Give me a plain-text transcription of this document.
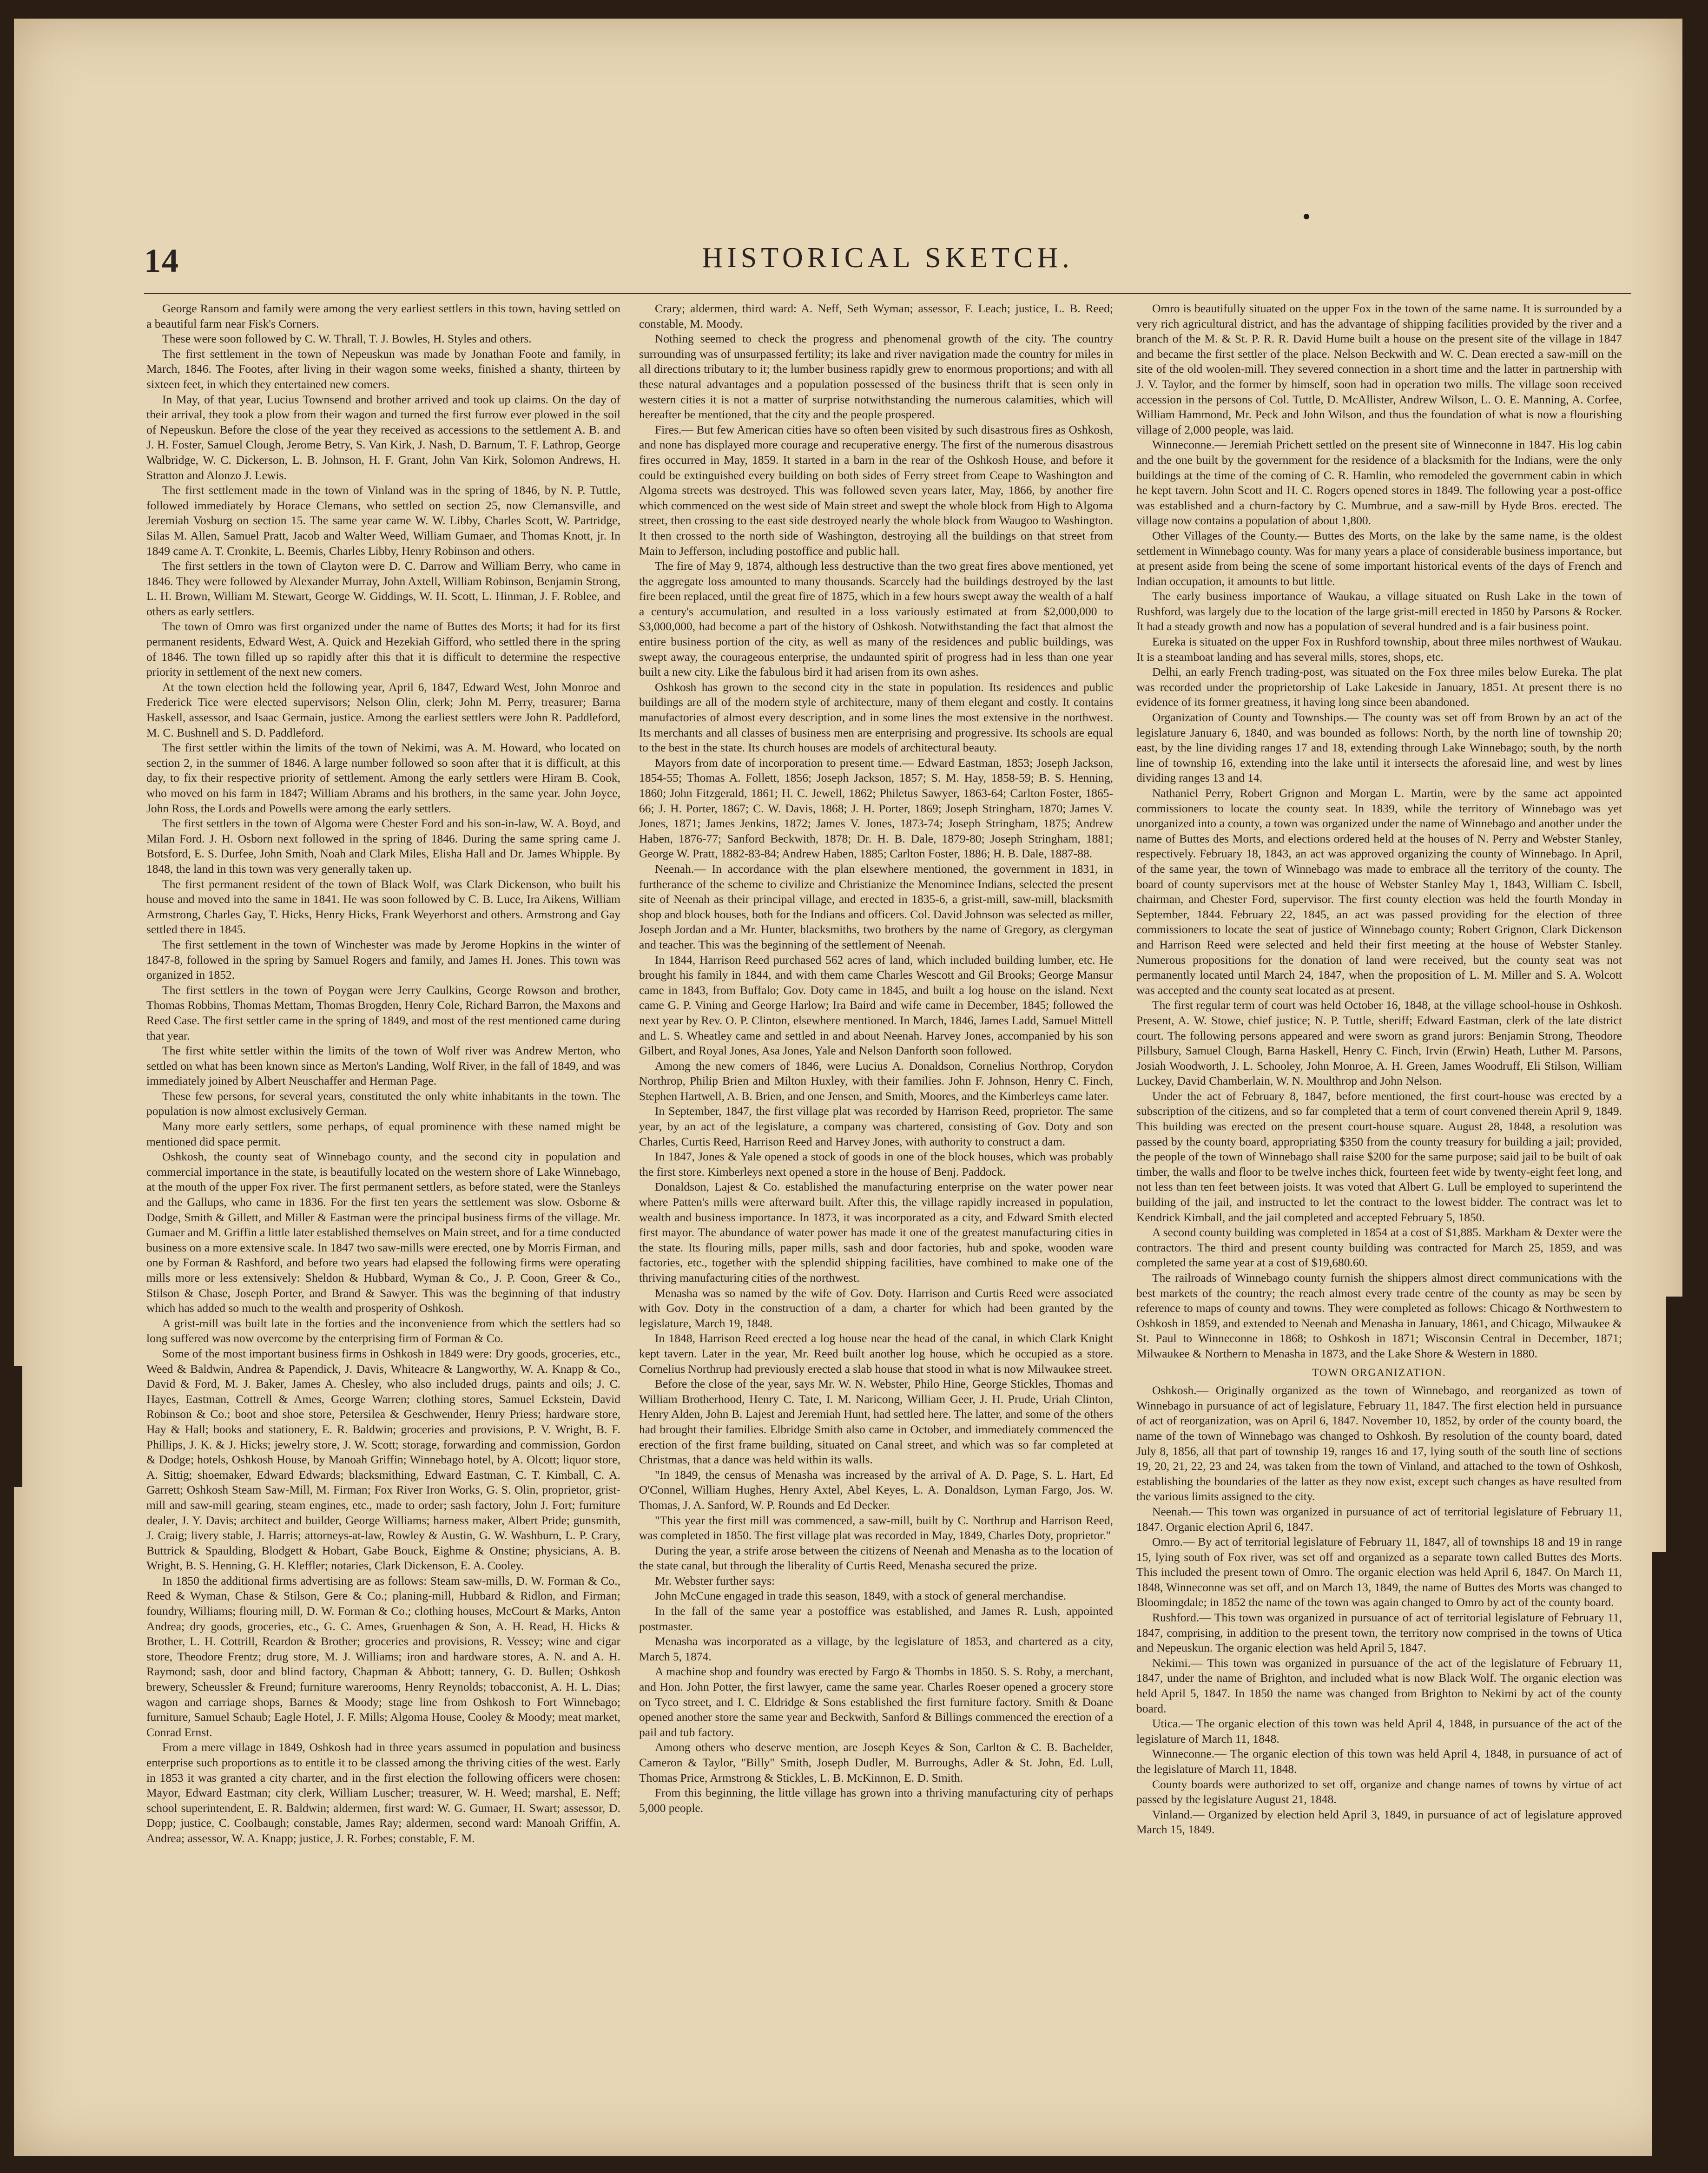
14	HISTORICAL SKETCH.

George Ransom and family were among the very earliest settlers in this town, having settled on a beautiful farm near Fisk's Corners.

These were soon followed by C. W. Thrall, T. J. Bowles, H. Styles and others.

The first settlement in the town of Nepeuskun was made by Jonathan Foote and family, in March, 1846. The Footes, after living in their wagon some weeks, finished a shanty, thirteen by sixteen feet, in which they entertained new comers.

In May, of that year, Lucius Townsend and brother arrived and took up claims. On the day of their arrival, they took a plow from their wagon and turned the first furrow ever plowed in the soil of Nepeuskun. Before the close of the year they received as accessions to the settlement A. B. and J. H. Foster, Samuel Clough, Jerome Betry, S. Van Kirk, J. Nash, D. Barnum, T. F. Lathrop, George Walbridge, W. C. Dickerson, L. B. Johnson, H. F. Grant, John Van Kirk, Solomon Andrews, H. Stratton and Alonzo J. Lewis.

The first settlement made in the town of Vinland was in the spring of 1846, by N. P. Tuttle, followed immediately by Horace Clemans, who settled on section 25, now Clemansville, and Jeremiah Vosburg on section 15. The same year came W. W. Libby, Charles Scott, W. Partridge, Silas M. Allen, Samuel Pratt, Jacob and Walter Weed, William Gumaer, and Thomas Knott, jr. In 1849 came A. T. Cronkite, L. Beemis, Charles Libby, Henry Robinson and others.

The first settlers in the town of Clayton were D. C. Darrow and William Berry, who came in 1846. They were followed by Alexander Murray, John Axtell, William Robinson, Benjamin Strong, L. H. Brown, William M. Stewart, George W. Giddings, W. H. Scott, L. Hinman, J. F. Roblee, and others as early settlers.

The town of Omro was first organized under the name of Buttes des Morts; it had for its first permanent residents, Edward West, A. Quick and Hezekiah Gifford, who settled there in the spring of 1846. The town filled up so rapidly after this that it is difficult to determine the respective priority in settlement of the next new comers.

At the town election held the following year, April 6, 1847, Edward West, John Monroe and Frederick Tice were elected supervisors; Nelson Olin, clerk; John M. Perry, treasurer; Barna Haskell, assessor, and Isaac Germain, justice. Among the earliest settlers were John R. Paddleford, M. C. Bushnell and S. D. Paddleford.

The first settler within the limits of the town of Nekimi, was A. M. Howard, who located on section 2, in the summer of 1846. A large number followed so soon after that it is difficult, at this day, to fix their respective priority of settlement. Among the early settlers were Hiram B. Cook, who moved on his farm in 1847; William Abrams and his brothers, in the same year. John Joyce, John Ross, the Lords and Powells were among the early settlers.

The first settlers in the town of Algoma were Chester Ford and his son-in-law, W. A. Boyd, and Milan Ford. J. H. Osborn next followed in the spring of 1846. During the same spring came J. Botsford, E. S. Durfee, John Smith, Noah and Clark Miles, Elisha Hall and Dr. James Whipple. By 1848, the land in this town was very generally taken up.

The first permanent resident of the town of Black Wolf, was Clark Dickenson, who built his house and moved into the same in 1841. He was soon followed by C. B. Luce, Ira Aikens, William Armstrong, Charles Gay, T. Hicks, Henry Hicks, Frank Weyerhorst and others. Armstrong and Gay settled there in 1845.

The first settlement in the town of Winchester was made by Jerome Hopkins in the winter of 1847-8, followed in the spring by Samuel Rogers and family, and James H. Jones. This town was organized in 1852.

The first settlers in the town of Poygan were Jerry Caulkins, George Rowson and brother, Thomas Robbins, Thomas Mettam, Thomas Brogden, Henry Cole, Richard Barron, the Maxons and Reed Case. The first settler came in the spring of 1849, and most of the rest mentioned came during that year.

The first white settler within the limits of the town of Wolf river was Andrew Merton, who settled on what has been known since as Merton's Landing, Wolf River, in the fall of 1849, and was immediately joined by Albert Neuschaffer and Herman Page.

These few persons, for several years, constituted the only white inhabitants in the town. The population is now almost exclusively German.

Many more early settlers, some perhaps, of equal prominence with these named might be mentioned did space permit.

Oshkosh, the county seat of Winnebago county, and the second city in population and commercial importance in the state, is beautifully located on the western shore of Lake Winnebago, at the mouth of the upper Fox river. The first permanent settlers, as before stated, were the Stanleys and the Gallups, who came in 1836. For the first ten years the settlement was slow. Osborne & Dodge, Smith & Gillett, and Miller & Eastman were the principal business firms of the village. Mr. Gumaer and M. Griffin a little later established themselves on Main street, and for a time conducted business on a more extensive scale. In 1847 two saw-mills were erected, one by Morris Firman, and one by Forman & Rashford, and before two years had elapsed the following firms were operating mills more or less extensively: Sheldon & Hubbard, Wyman & Co., J. P. Coon, Greer & Co., Stilson & Chase, Joseph Porter, and Brand & Sawyer. This was the beginning of that industry which has added so much to the wealth and prosperity of Oshkosh.

A grist-mill was built late in the forties and the inconvenience from which the settlers had so long suffered was now overcome by the enterprising firm of Forman & Co.

Some of the most important business firms in Oshkosh in 1849 were: Dry goods, groceries, etc., Weed & Baldwin, Andrea & Papendick, J. Davis, Whiteacre & Langworthy, W. A. Knapp & Co., David & Ford, M. J. Baker, James A. Chesley, who also included drugs, paints and oils; J. C. Hayes, Eastman, Cottrell & Ames, George Warren; clothing stores, Samuel Eckstein, David Robinson & Co.; boot and shoe store, Petersilea & Geschwender, Henry Priess; hardware store, Hay & Hall; books and stationery, E. R. Baldwin; groceries and provisions, P. V. Wright, B. F. Phillips, J. K. & J. Hicks; jewelry store, J. W. Scott; storage, forwarding and commission, Gordon & Dodge; hotels, Oshkosh House, by Manoah Griffin; Winnebago hotel, by A. Olcott; liquor store, A. Sittig; shoemaker, Edward Edwards; blacksmithing, Edward Eastman, C. T. Kimball, C. A. Garrett; Oshkosh Steam Saw-Mill, M. Firman; Fox River Iron Works, G. S. Olin, proprietor, grist-mill and saw-mill gearing, steam engines, etc., made to order; sash factory, John J. Fort; furniture dealer, J. Y. Davis; architect and builder, George Williams; harness maker, Albert Pride; gunsmith, J. Craig; livery stable, J. Harris; attorneys-at-law, Rowley & Austin, G. W. Washburn, L. P. Crary, Buttrick & Spaulding, Blodgett & Hobart, Gabe Bouck, Eighme & Onstine; physicians, A. B. Wright, B. S. Henning, G. H. Kleffler; notaries, Clark Dickenson, E. A. Cooley.

In 1850 the additional firms advertising are as follows: Steam saw-mills, D. W. Forman & Co., Reed & Wyman, Chase & Stilson, Gere & Co.; planing-mill, Hubbard & Ridlon, and Firman; foundry, Williams; flouring mill, D. W. Forman & Co.; clothing houses, McCourt & Marks, Anton Andrea; dry goods, groceries, etc., G. C. Ames, Gruenhagen & Son, A. H. Read, H. Hicks & Brother, L. H. Cottrill, Reardon & Brother; groceries and provisions, R. Vessey; wine and cigar store, Theodore Frentz; drug store, M. J. Williams; iron and hardware stores, A. N. and A. H. Raymond; sash, door and blind factory, Chapman & Abbott; tannery, G. D. Bullen; Oshkosh brewery, Scheussler & Freund; furniture warerooms, Henry Reynolds; tobacconist, A. H. L. Dias; wagon and carriage shops, Barnes & Moody; stage line from Oshkosh to Fort Winnebago; furniture, Samuel Schaub; Eagle Hotel, J. F. Mills; Algoma House, Cooley & Moody; meat market, Conrad Ernst.

From a mere village in 1849, Oshkosh had in three years assumed in population and business enterprise such proportions as to entitle it to be classed among the thriving cities of the west. Early in 1853 it was granted a city charter, and in the first election the following officers were chosen: Mayor, Edward Eastman; city clerk, William Luscher; treasurer, W. H. Weed; marshal, E. Neff; school superintendent, E. R. Baldwin; aldermen, first ward: W. G. Gumaer, H. Swart; assessor, D. Dopp; justice, C. Coolbaugh; constable, James Ray; aldermen, second ward: Manoah Griffin, A. Andrea; assessor, W. A. Knapp; justice, J. R. Forbes; constable, F. M.

Crary; aldermen, third ward: A. Neff, Seth Wyman; assessor, F. Leach; justice, L. B. Reed; constable, M. Moody.

Nothing seemed to check the progress and phenomenal growth of the city. The country surrounding was of unsurpassed fertility; its lake and river navigation made the country for miles in all directions tributary to it; the lumber business rapidly grew to enormous proportions; and with all these natural advantages and a population possessed of the business thrift that is seen only in western cities it is not a matter of surprise notwithstanding the numerous calamities, which will hereafter be mentioned, that the city and the people prospered.

Fires.— But few American cities have so often been visited by such disastrous fires as Oshkosh, and none has displayed more courage and recuperative energy. The first of the numerous disastrous fires occurred in May, 1859. It started in a barn in the rear of the Oshkosh House, and before it could be extinguished every building on both sides of Ferry street from Ceape to Washington and Algoma streets was destroyed. This was followed seven years later, May, 1866, by another fire which commenced on the west side of Main street and swept the whole block from High to Algoma street, then crossing to the east side destroyed nearly the whole block from Waugoo to Washington. It then crossed to the north side of Washington, destroying all the buildings on that street from Main to Jefferson, including postoffice and public hall.

The fire of May 9, 1874, although less destructive than the two great fires above mentioned, yet the aggregate loss amounted to many thousands. Scarcely had the buildings destroyed by the last fire been replaced, until the great fire of 1875, which in a few hours swept away the wealth of a half a century's accumulation, and resulted in a loss variously estimated at from $2,000,000 to $3,000,000, had become a part of the history of Oshkosh. Notwithstanding the fact that almost the entire business portion of the city, as well as many of the residences and public buildings, was swept away, the courageous enterprise, the undaunted spirit of progress had in less than one year built a new city. Like the fabulous bird it had arisen from its own ashes.

Oshkosh has grown to the second city in the state in population. Its residences and public buildings are all of the modern style of architecture, many of them elegant and costly. It contains manufactories of almost every description, and in some lines the most extensive in the northwest. Its merchants and all classes of business men are enterprising and progressive. Its schools are equal to the best in the state. Its church houses are models of architectural beauty.

Mayors from date of incorporation to present time.— Edward Eastman, 1853; Joseph Jackson, 1854-55; Thomas A. Follett, 1856; Joseph Jackson, 1857; S. M. Hay, 1858-59; B. S. Henning, 1860; John Fitzgerald, 1861; H. C. Jewell, 1862; Philetus Sawyer, 1863-64; Carlton Foster, 1865-66; J. H. Porter, 1867; C. W. Davis, 1868; J. H. Porter, 1869; Joseph Stringham, 1870; James V. Jones, 1871; James Jenkins, 1872; James V. Jones, 1873-74; Joseph Stringham, 1875; Andrew Haben, 1876-77; Sanford Beckwith, 1878; Dr. H. B. Dale, 1879-80; Joseph Stringham, 1881; George W. Pratt, 1882-83-84; Andrew Haben, 1885; Carlton Foster, 1886; H. B. Dale, 1887-88.

Neenah.— In accordance with the plan elsewhere mentioned, the government in 1831, in furtherance of the scheme to civilize and Christianize the Menominee Indians, selected the present site of Neenah as their principal village, and erected in 1835-6, a grist-mill, saw-mill, blacksmith shop and block houses, both for the Indians and officers. Col. David Johnson was selected as miller, Joseph Jordan and a Mr. Hunter, blacksmiths, two brothers by the name of Gregory, as clergyman and teacher. This was the beginning of the settlement of Neenah.

In 1844, Harrison Reed purchased 562 acres of land, which included building lumber, etc. He brought his family in 1844, and with them came Charles Wescott and Gil Brooks; George Mansur came in 1843, from Buffalo; Gov. Doty came in 1845, and built a log house on the island. Next came G. P. Vining and George Harlow; Ira Baird and wife came in December, 1845; followed the next year by Rev. O. P. Clinton, elsewhere mentioned. In March, 1846, James Ladd, Samuel Mittell and L. S. Wheatley came and settled in and about Neenah. Harvey Jones, accompanied by his son Gilbert, and Royal Jones, Asa Jones, Yale and Nelson Danforth soon followed.

Among the new comers of 1846, were Lucius A. Donaldson, Cornelius Northrop, Corydon Northrop, Philip Brien and Milton Huxley, with their families. John F. Johnson, Henry C. Finch, Stephen Hartwell, A. B. Brien, and one Jensen, and Smith, Moores, and the Kimberleys came later.

In September, 1847, the first village plat was recorded by Harrison Reed, proprietor. The same year, by an act of the legislature, a company was chartered, consisting of Gov. Doty and son Charles, Curtis Reed, Harrison Reed and Harvey Jones, with authority to construct a dam.

In 1847, Jones & Yale opened a stock of goods in one of the block houses, which was probably the first store. Kimberleys next opened a store in the house of Benj. Paddock.

Donaldson, Lajest & Co. established the manufacturing enterprise on the water power near where Patten's mills were afterward built. After this, the village rapidly increased in population, wealth and business importance. In 1873, it was incorporated as a city, and Edward Smith elected first mayor. The abundance of water power has made it one of the greatest manufacturing cities in the state. Its flouring mills, paper mills, sash and door factories, hub and spoke, wooden ware factories, etc., together with the splendid shipping facilities, have combined to make one of the thriving manufacturing cities of the northwest.

Menasha was so named by the wife of Gov. Doty. Harrison and Curtis Reed were associated with Gov. Doty in the construction of a dam, a charter for which had been granted by the legislature, March 19, 1848.

In 1848, Harrison Reed erected a log house near the head of the canal, in which Clark Knight kept tavern. Later in the year, Mr. Reed built another log house, which he occupied as a store. Cornelius Northrup had previously erected a slab house that stood in what is now Milwaukee street.

Before the close of the year, says Mr. W. N. Webster, Philo Hine, George Stickles, Thomas and William Brotherhood, Henry C. Tate, I. M. Naricong, William Geer, J. H. Prude, Uriah Clinton, Henry Alden, John B. Lajest and Jeremiah Hunt, had settled here. The latter, and some of the others had brought their families. Elbridge Smith also came in October, and immediately commenced the erection of the first frame building, situated on Canal street, and which was so far completed at Christmas, that a dance was held within its walls.

"In 1849, the census of Menasha was increased by the arrival of A. D. Page, S. L. Hart, Ed O'Connel, William Hughes, Henry Axtel, Abel Keyes, L. A. Donaldson, Lyman Fargo, Jos. W. Thomas, J. A. Sanford, W. P. Rounds and Ed Decker.

"This year the first mill was commenced, a saw-mill, built by C. Northrup and Harrison Reed, was completed in 1850. The first village plat was recorded in May, 1849, Charles Doty, proprietor."

During the year, a strife arose between the citizens of Neenah and Menasha as to the location of the state canal, but through the liberality of Curtis Reed, Menasha secured the prize.

Mr. Webster further says:

John McCune engaged in trade this season, 1849, with a stock of general merchandise.

In the fall of the same year a postoffice was established, and James R. Lush, appointed postmaster.

Menasha was incorporated as a village, by the legislature of 1853, and chartered as a city, March 5, 1874.

A machine shop and foundry was erected by Fargo & Thombs in 1850. S. S. Roby, a merchant, and Hon. John Potter, the first lawyer, came the same year. Charles Roeser opened a grocery store on Tyco street, and I. C. Eldridge & Sons established the first furniture factory. Smith & Doane opened another store the same year and Beckwith, Sanford & Billings commenced the erection of a pail and tub factory.

Among others who deserve mention, are Joseph Keyes & Son, Carlton & C. B. Bachelder, Cameron & Taylor, "Billy" Smith, Joseph Dudler, M. Burroughs, Adler & St. John, Ed. Lull, Thomas Price, Armstrong & Stickles, L. B. McKinnon, E. D. Smith.

From this beginning, the little village has grown into a thriving manufacturing city of perhaps 5,000 people.

Omro is beautifully situated on the upper Fox in the town of the same name. It is surrounded by a very rich agricultural district, and has the advantage of shipping facilities provided by the river and a branch of the M. & St. P. R. R. David Hume built a house on the present site of the village in 1847 and became the first settler of the place. Nelson Beckwith and W. C. Dean erected a saw-mill on the site of the old woolen-mill. They severed connection in a short time and the latter in partnership with J. V. Taylor, and the former by himself, soon had in operation two mills. The village soon received accession in the persons of Col. Tuttle, D. McAllister, Andrew Wilson, L. O. E. Manning, A. Corfee, William Hammond, Mr. Peck and John Wilson, and thus the foundation of what is now a flourishing village of 2,000 people, was laid.

Winneconne.— Jeremiah Prichett settled on the present site of Winneconne in 1847. His log cabin and the one built by the government for the residence of a blacksmith for the Indians, were the only buildings at the time of the coming of C. R. Hamlin, who remodeled the government cabin in which he kept tavern. John Scott and H. C. Rogers opened stores in 1849. The following year a post-office was established and a churn-factory by C. Mumbrue, and a saw-mill by Hyde Bros. erected. The village now contains a population of about 1,800.

Other Villages of the County.— Buttes des Morts, on the lake by the same name, is the oldest settlement in Winnebago county. Was for many years a place of considerable business importance, but at present aside from being the scene of some important historical events of the days of French and Indian occupation, it amounts to but little.

The early business importance of Waukau, a village situated on Rush Lake in the town of Rushford, was largely due to the location of the large grist-mill erected in 1850 by Parsons & Rocker. It had a steady growth and now has a population of several hundred and is a fair business point.

Eureka is situated on the upper Fox in Rushford township, about three miles northwest of Waukau. It is a steamboat landing and has several mills, stores, shops, etc.

Delhi, an early French trading-post, was situated on the Fox three miles below Eureka. The plat was recorded under the proprietorship of Lake Lakeside in January, 1851. At present there is no evidence of its former greatness, it having long since been abandoned.

Organization of County and Townships.— The county was set off from Brown by an act of the legislature January 6, 1840, and was bounded as follows: North, by the north line of township 20; east, by the line dividing ranges 17 and 18, extending through Lake Winnebago; south, by the north line of township 16, extending into the lake until it intersects the aforesaid line, and west by lines dividing ranges 13 and 14.

Nathaniel Perry, Robert Grignon and Morgan L. Martin, were by the same act appointed commissioners to locate the county seat. In 1839, while the territory of Winnebago was yet unorganized into a county, a town was organized under the name of Winnebago and another under the name of Buttes des Morts, and elections ordered held at the houses of N. Perry and Webster Stanley, respectively. February 18, 1843, an act was approved organizing the county of Winnebago. In April, of the same year, the town of Winnebago was made to embrace all the territory of the county. The board of county supervisors met at the house of Webster Stanley May 1, 1843, William C. Isbell, chairman, and Chester Ford, supervisor. The first county election was held the fourth Monday in September, 1844. February 22, 1845, an act was passed providing for the election of three commissioners to locate the seat of justice of Winnebago county; Robert Grignon, Clark Dickenson and Harrison Reed were selected and held their first meeting at the house of Webster Stanley. Numerous propositions for the donation of land were received, but the county seat was not permanently located until March 24, 1847, when the proposition of L. M. Miller and S. A. Wolcott was accepted and the county seat located as at present.

The first regular term of court was held October 16, 1848, at the village school-house in Oshkosh. Present, A. W. Stowe, chief justice; N. P. Tuttle, sheriff; Edward Eastman, clerk of the late district court. The following persons appeared and were sworn as grand jurors: Benjamin Strong, Theodore Pillsbury, Samuel Clough, Barna Haskell, Henry C. Finch, Irvin (Erwin) Heath, Luther M. Parsons, Josiah Woodworth, J. L. Schooley, John Monroe, A. H. Green, James Woodruff, Eli Stilson, William Luckey, David Chamberlain, W. N. Moulthrop and John Nelson.

Under the act of February 8, 1847, before mentioned, the first court-house was erected by a subscription of the citizens, and so far completed that a term of court convened therein April 9, 1849. This building was erected on the present court-house square. August 28, 1848, a resolution was passed by the county board, appropriating $350 from the county treasury for building a jail; provided, the people of the town of Winnebago shall raise $200 for the same purpose; said jail to be built of oak timber, the walls and floor to be twelve inches thick, fourteen feet wide by twenty-eight feet long, and not less than ten feet between joists. It was voted that Albert G. Lull be employed to superintend the building of the jail, and instructed to let the contract to the lowest bidder. The contract was let to Kendrick Kimball, and the jail completed and accepted February 5, 1850.

A second county building was completed in 1854 at a cost of $1,885. Markham & Dexter were the contractors. The third and present county building was contracted for March 25, 1859, and was completed the same year at a cost of $19,680.60.

The railroads of Winnebago county furnish the shippers almost direct communications with the best markets of the country; the reach almost every trade centre of the county as may be seen by reference to maps of county and towns. They were completed as follows: Chicago & Northwestern to Oshkosh in 1859, and extended to Neenah and Menasha in January, 1861, and Chicago, Milwaukee & St. Paul to Winneconne in 1868; to Oshkosh in 1871; Wisconsin Central in December, 1871; Milwaukee & Northern to Menasha in 1873, and the Lake Shore & Western in 1880.

TOWN ORGANIZATION.

Oshkosh.— Originally organized as the town of Winnebago, and reorganized as town of Winnebago in pursuance of act of legislature, February 11, 1847. The first election held in pursuance of act of reorganization, was on April 6, 1847. November 10, 1852, by order of the county board, the name of the town of Winnebago was changed to Oshkosh. By resolution of the county board, dated July 8, 1856, all that part of township 19, ranges 16 and 17, lying south of the south line of sections 19, 20, 21, 22, 23 and 24, was taken from the town of Vinland, and attached to the town of Oshkosh, establishing the boundaries of the latter as they now exist, except such changes as have resulted from the various limits assigned to the city.

Neenah.— This town was organized in pursuance of act of territorial legislature of February 11, 1847. Organic election April 6, 1847.

Omro.— By act of territorial legislature of February 11, 1847, all of townships 18 and 19 in range 15, lying south of Fox river, was set off and organized as a separate town called Buttes des Morts. This included the present town of Omro. The organic election was held April 6, 1847. On March 11, 1848, Winneconne was set off, and on March 13, 1849, the name of Buttes des Morts was changed to Bloomingdale; in 1852 the name of the town was again changed to Omro by act of the county board.

Rushford.— This town was organized in pursuance of act of territorial legislature of February 11, 1847, comprising, in addition to the present town, the territory now comprised in the towns of Utica and Nepeuskun. The organic election was held April 5, 1847.

Nekimi.— This town was organized in pursuance of the act of the legislature of February 11, 1847, under the name of Brighton, and included what is now Black Wolf. The organic election was held April 5, 1847. In 1850 the name was changed from Brighton to Nekimi by act of the county board.

Utica.— The organic election of this town was held April 4, 1848, in pursuance of the act of the legislature of March 11, 1848.

Winneconne.— The organic election of this town was held April 4, 1848, in pursuance of act of the legislature of March 11, 1848.

County boards were authorized to set off, organize and change names of towns by virtue of act passed by the legislature August 21, 1848.

Vinland.— Organized by election held April 3, 1849, in pursuance of act of legislature approved March 15, 1849.
